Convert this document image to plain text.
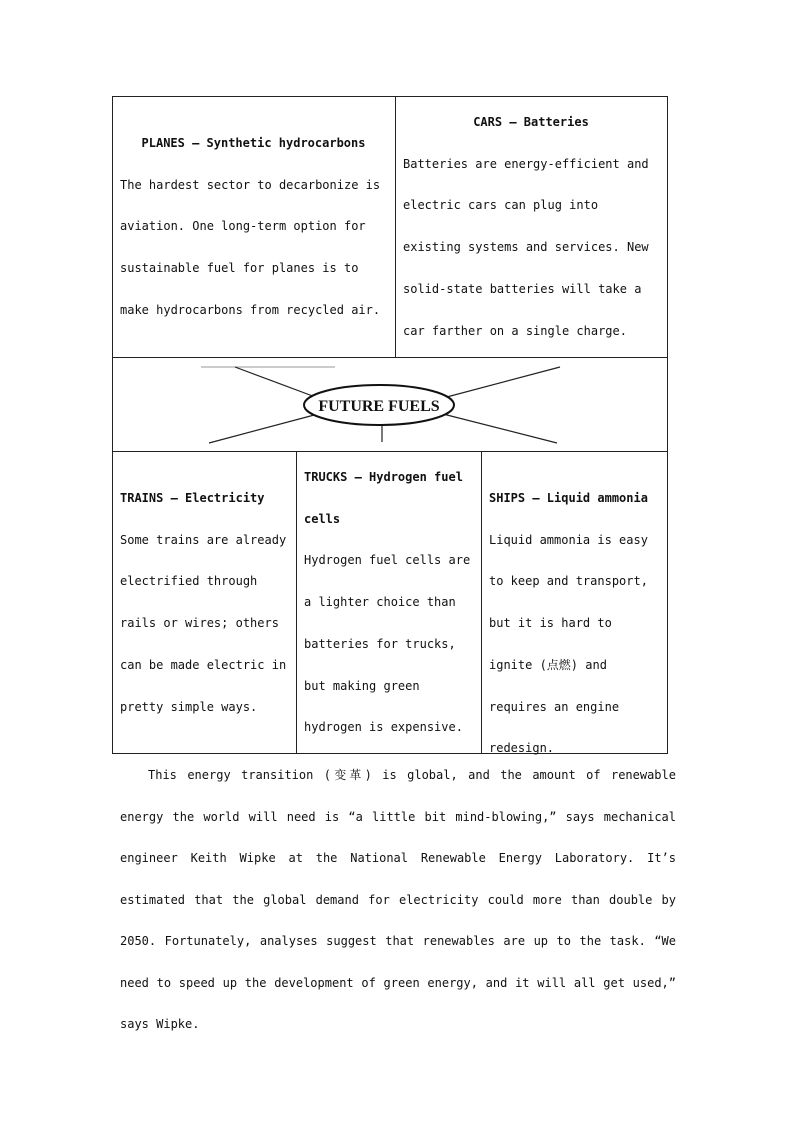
PLANES — Synthetic hydrocarbons
The hardest sector to decarbonize is aviation. One long-term option for sustainable fuel for planes is to make hydrocarbons from recycled air.
CARS — Batteries
Batteries are energy-efficient and electric cars can plug into existing systems and services. New solid-state batteries will take a car farther on a single charge.
FUTURE FUELS
TRAINS — Electricity
Some trains are already electrified through rails or wires; others can be made electric in pretty simple ways.
TRUCKS — Hydrogen fuel cells
Hydrogen fuel cells are a lighter choice than batteries for trucks, but making green hydrogen is expensive.
SHIPS — Liquid ammonia
Liquid ammonia is easy to keep and transport, but it is hard to ignite (点燃) and requires an engine redesign.
This energy transition (变革) is global, and the amount of renewable energy the world will need is “a little bit mind-blowing,” says mechanical engineer Keith Wipke at the National Renewable Energy Laboratory. It’s estimated that the global demand for electricity could more than double by 2050. Fortunately, analyses suggest that renewables are up to the task. “We need to speed up the development of green energy, and it will all get used,” says Wipke.
